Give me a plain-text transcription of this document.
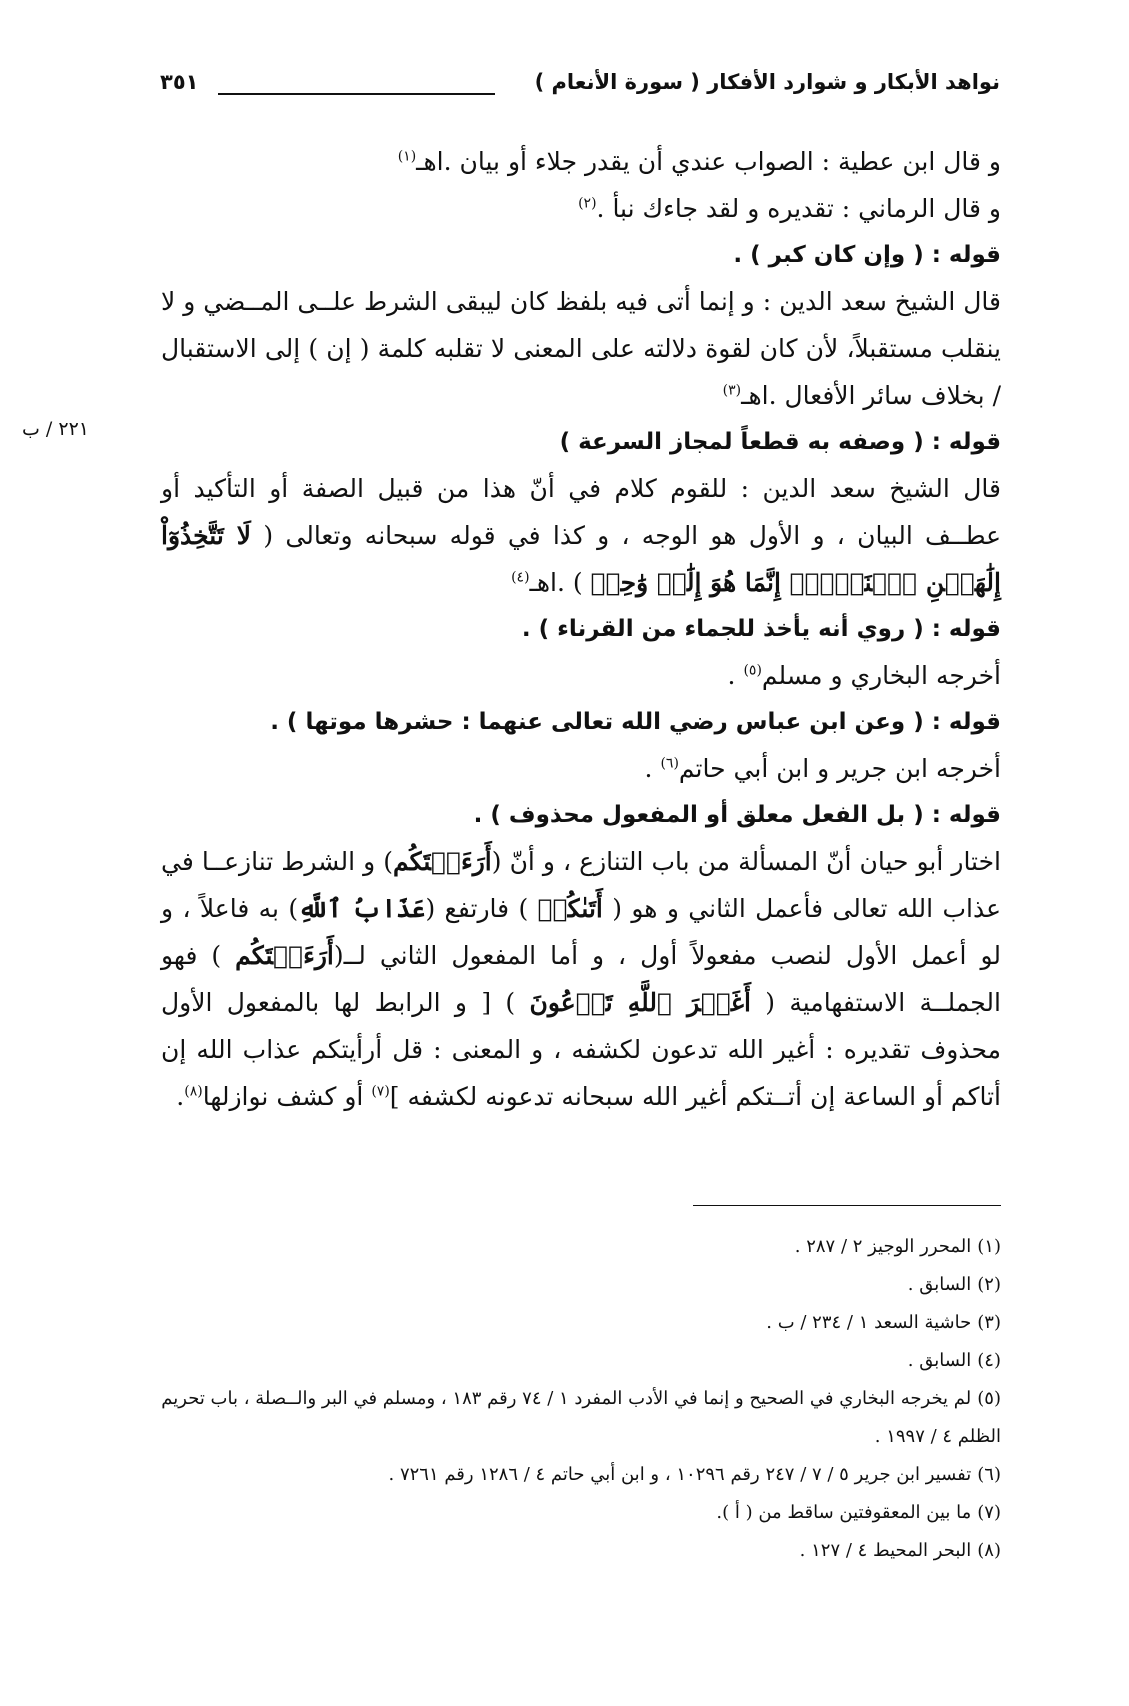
نواهد الأبكار و شوارد الأفكار ( سورة الأنعام )
٣٥١
٢٢١ / ب

و قال ابن عطية : الصواب عندي أن يقدر جلاء أو بيان .اهـ$^{(١)}$

و قال الرماني : تقديره و لقد جاءك نبأ .$^{(٢)}$

قوله : ( وإن كان كبر ) .

قال الشيخ سعد الدين : و إنما أتى فيه بلفظ كان ليبقى الشرط علــى المــضي و لا ينقلب مستقبلاً، لأن كان لقوة دلالته على المعنى لا تقلبه كلمة ( إن ) إلى الاستقبال / بخلاف سائر الأفعال .اهـ$^{(٣)}$

قوله : ( وصفه به قطعاً لمجاز السرعة )

قال الشيخ سعد الدين : للقوم كلام في أنّ هذا من قبيل الصفة أو التأكيد أو عطــف البيان ، و الأول هو الوجه ، و كذا في قوله سبحانه وتعالى ( لَا تَتَّخِذُوٓاْ إِلَٰهَيۡنِ ٱثۡنَيۡنِۖ إِنَّمَا هُوَ إِلَٰهٞ وَٰحِدٞ ) .اهـ$^{(٤)}$

قوله : ( روي أنه يأخذ للجماء من القرناء ) .

أخرجه البخاري و مسلم$^{(٥)}$ .

قوله : ( وعن ابن عباس رضي الله تعالى عنهما : حشرها موتها ) .

أخرجه ابن جرير و ابن أبي حاتم$^{(٦)}$ .

قوله : ( بل الفعل معلق أو المفعول محذوف ) .

اختار أبو حيان أنّ المسألة من باب التنازع ، و أنّ (أَرَءَيۡتَكُم) و الشرط تنازعــا في عذاب الله تعالى فأعمل الثاني و هو ( أَتَىٰكُمۡ ) فارتفع (عَذَابُ ٱللَّهِ) به فاعلاً ، و لو أعمل الأول لنصب مفعولاً أول ، و أما المفعول الثاني لــ(أَرَءَيۡتَكُم ) فهو الجملــة الاستفهامية ( أَغَيۡرَ ٱللَّهِ تَدۡعُونَ ) [ و الرابط لها بالمفعول الأول محذوف تقديره : أغير الله تدعون لكشفه ، و المعنى : قل أرأيتكم عذاب الله إن أتاكم أو الساعة إن أتــتكم أغير الله سبحانه تدعونه لكشفه ]$^{(٧)}$ أو كشف نوازلها$^{(٨)}$.

(١)المحرر الوجيز ٢ / ٢٨٧ .

(٢)السابق .

(٣)حاشية السعد ١ / ٢٣٤ / ب .

(٤)السابق .

(٥)لم يخرجه البخاري في الصحيح و إنما في الأدب المفرد ١ / ٧٤ رقم ١٨٣ ، ومسلم في البر والــصلة ، باب تحريم الظلم ٤ / ١٩٩٧ .

(٦)تفسير ابن جرير ٥ / ٧ / ٢٤٧ رقم ١٠٢٩٦ ، و ابن أبي حاتم ٤ / ١٢٨٦ رقم ٧٢٦١ .

(٧)ما بين المعقوفتين ساقط من ( أ ).

(٨)البحر المحيط ٤ / ١٢٧ .
